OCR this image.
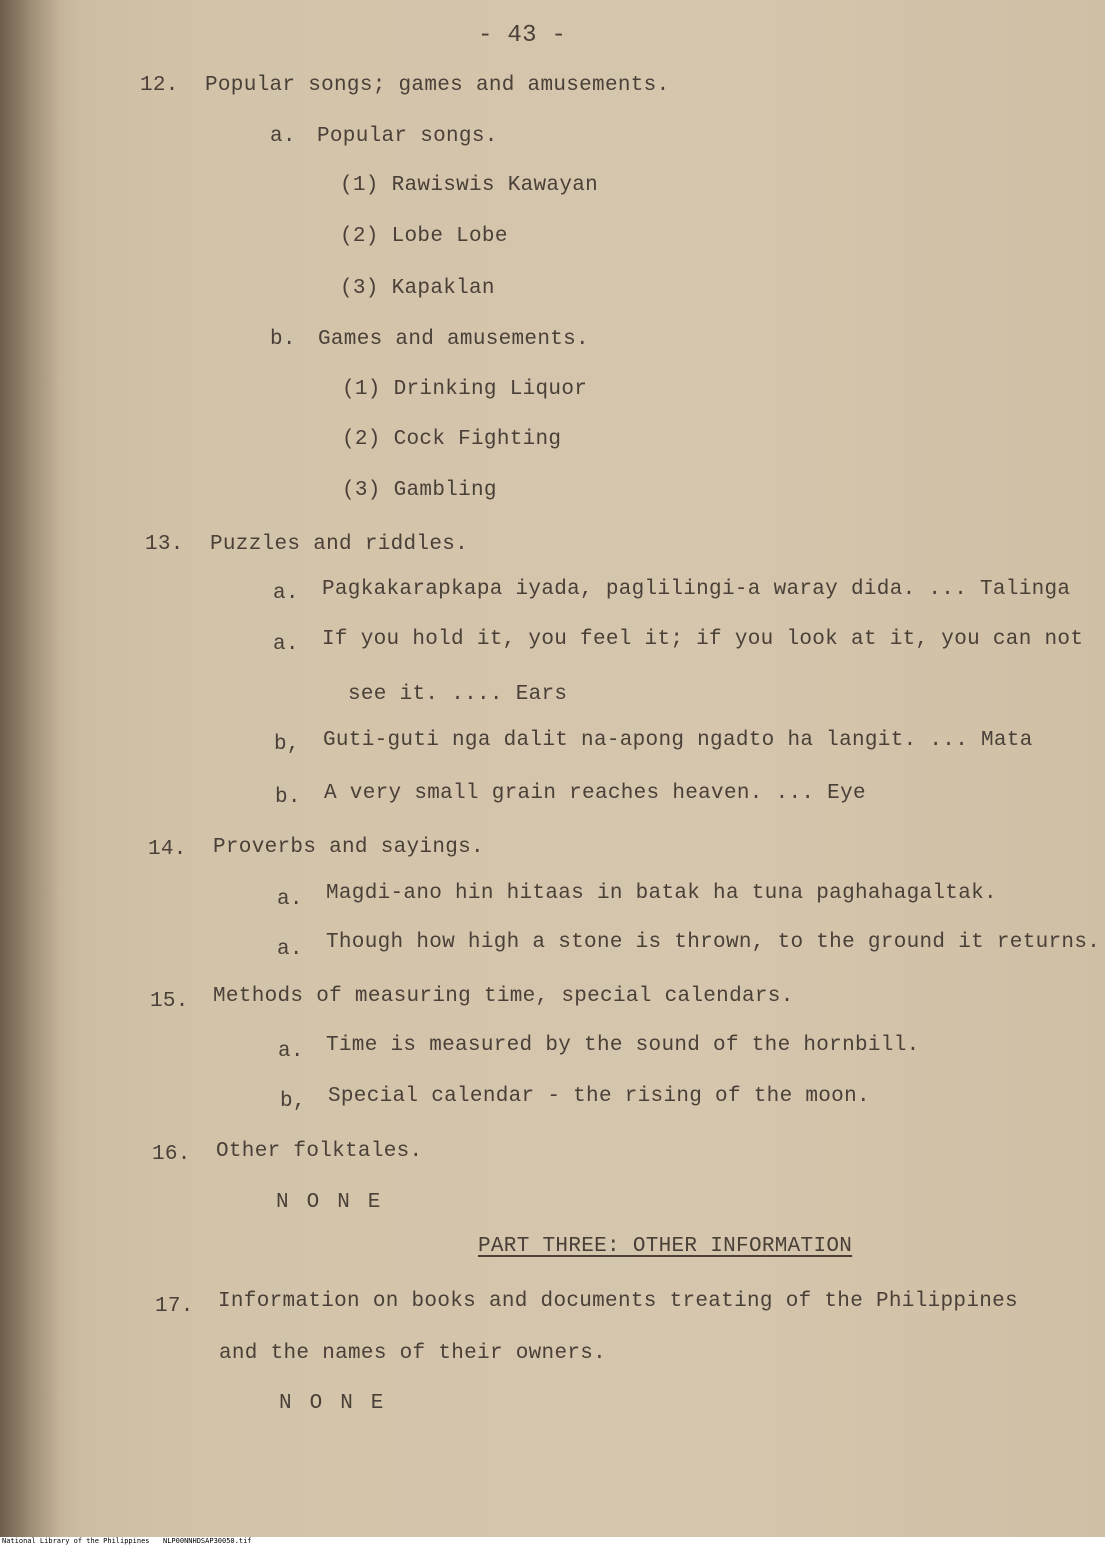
- 43 -
12. Popular songs; games and amusements.
a. Popular songs.
(1) Rawiswis Kawayan
(2) Lobe Lobe
(3) Kapaklan
b. Games and amusements.
(1) Drinking Liquor
(2) Cock Fighting
(3) Gambling
13. Puzzles and riddles.
a. Pagkakarapkapa iyada, paglilingi-a waray dida. ... Talinga
a. If you hold it, you feel it; if you look at it, you can not
see it. .... Ears
b, Guti-guti nga dalit na-apong ngadto ha langit. ... Mata
b. A very small grain reaches heaven. ... Eye
14. Proverbs and sayings.
a. Magdi-ano hin hitaas in batak ha tuna paghahagaltak.
a. Though how high a stone is thrown, to the ground it returns.
15. Methods of measuring time, special calendars.
a. Time is measured by the sound of the hornbill.
b, Special calendar - the rising of the moon.
16. Other folktales.
NONE
PART THREE: OTHER INFORMATION
17. Information on books and documents treating of the Philippines
and the names of their owners.
NONE
National Library of the Philippines NLP00NNHDSAP30050.tif
